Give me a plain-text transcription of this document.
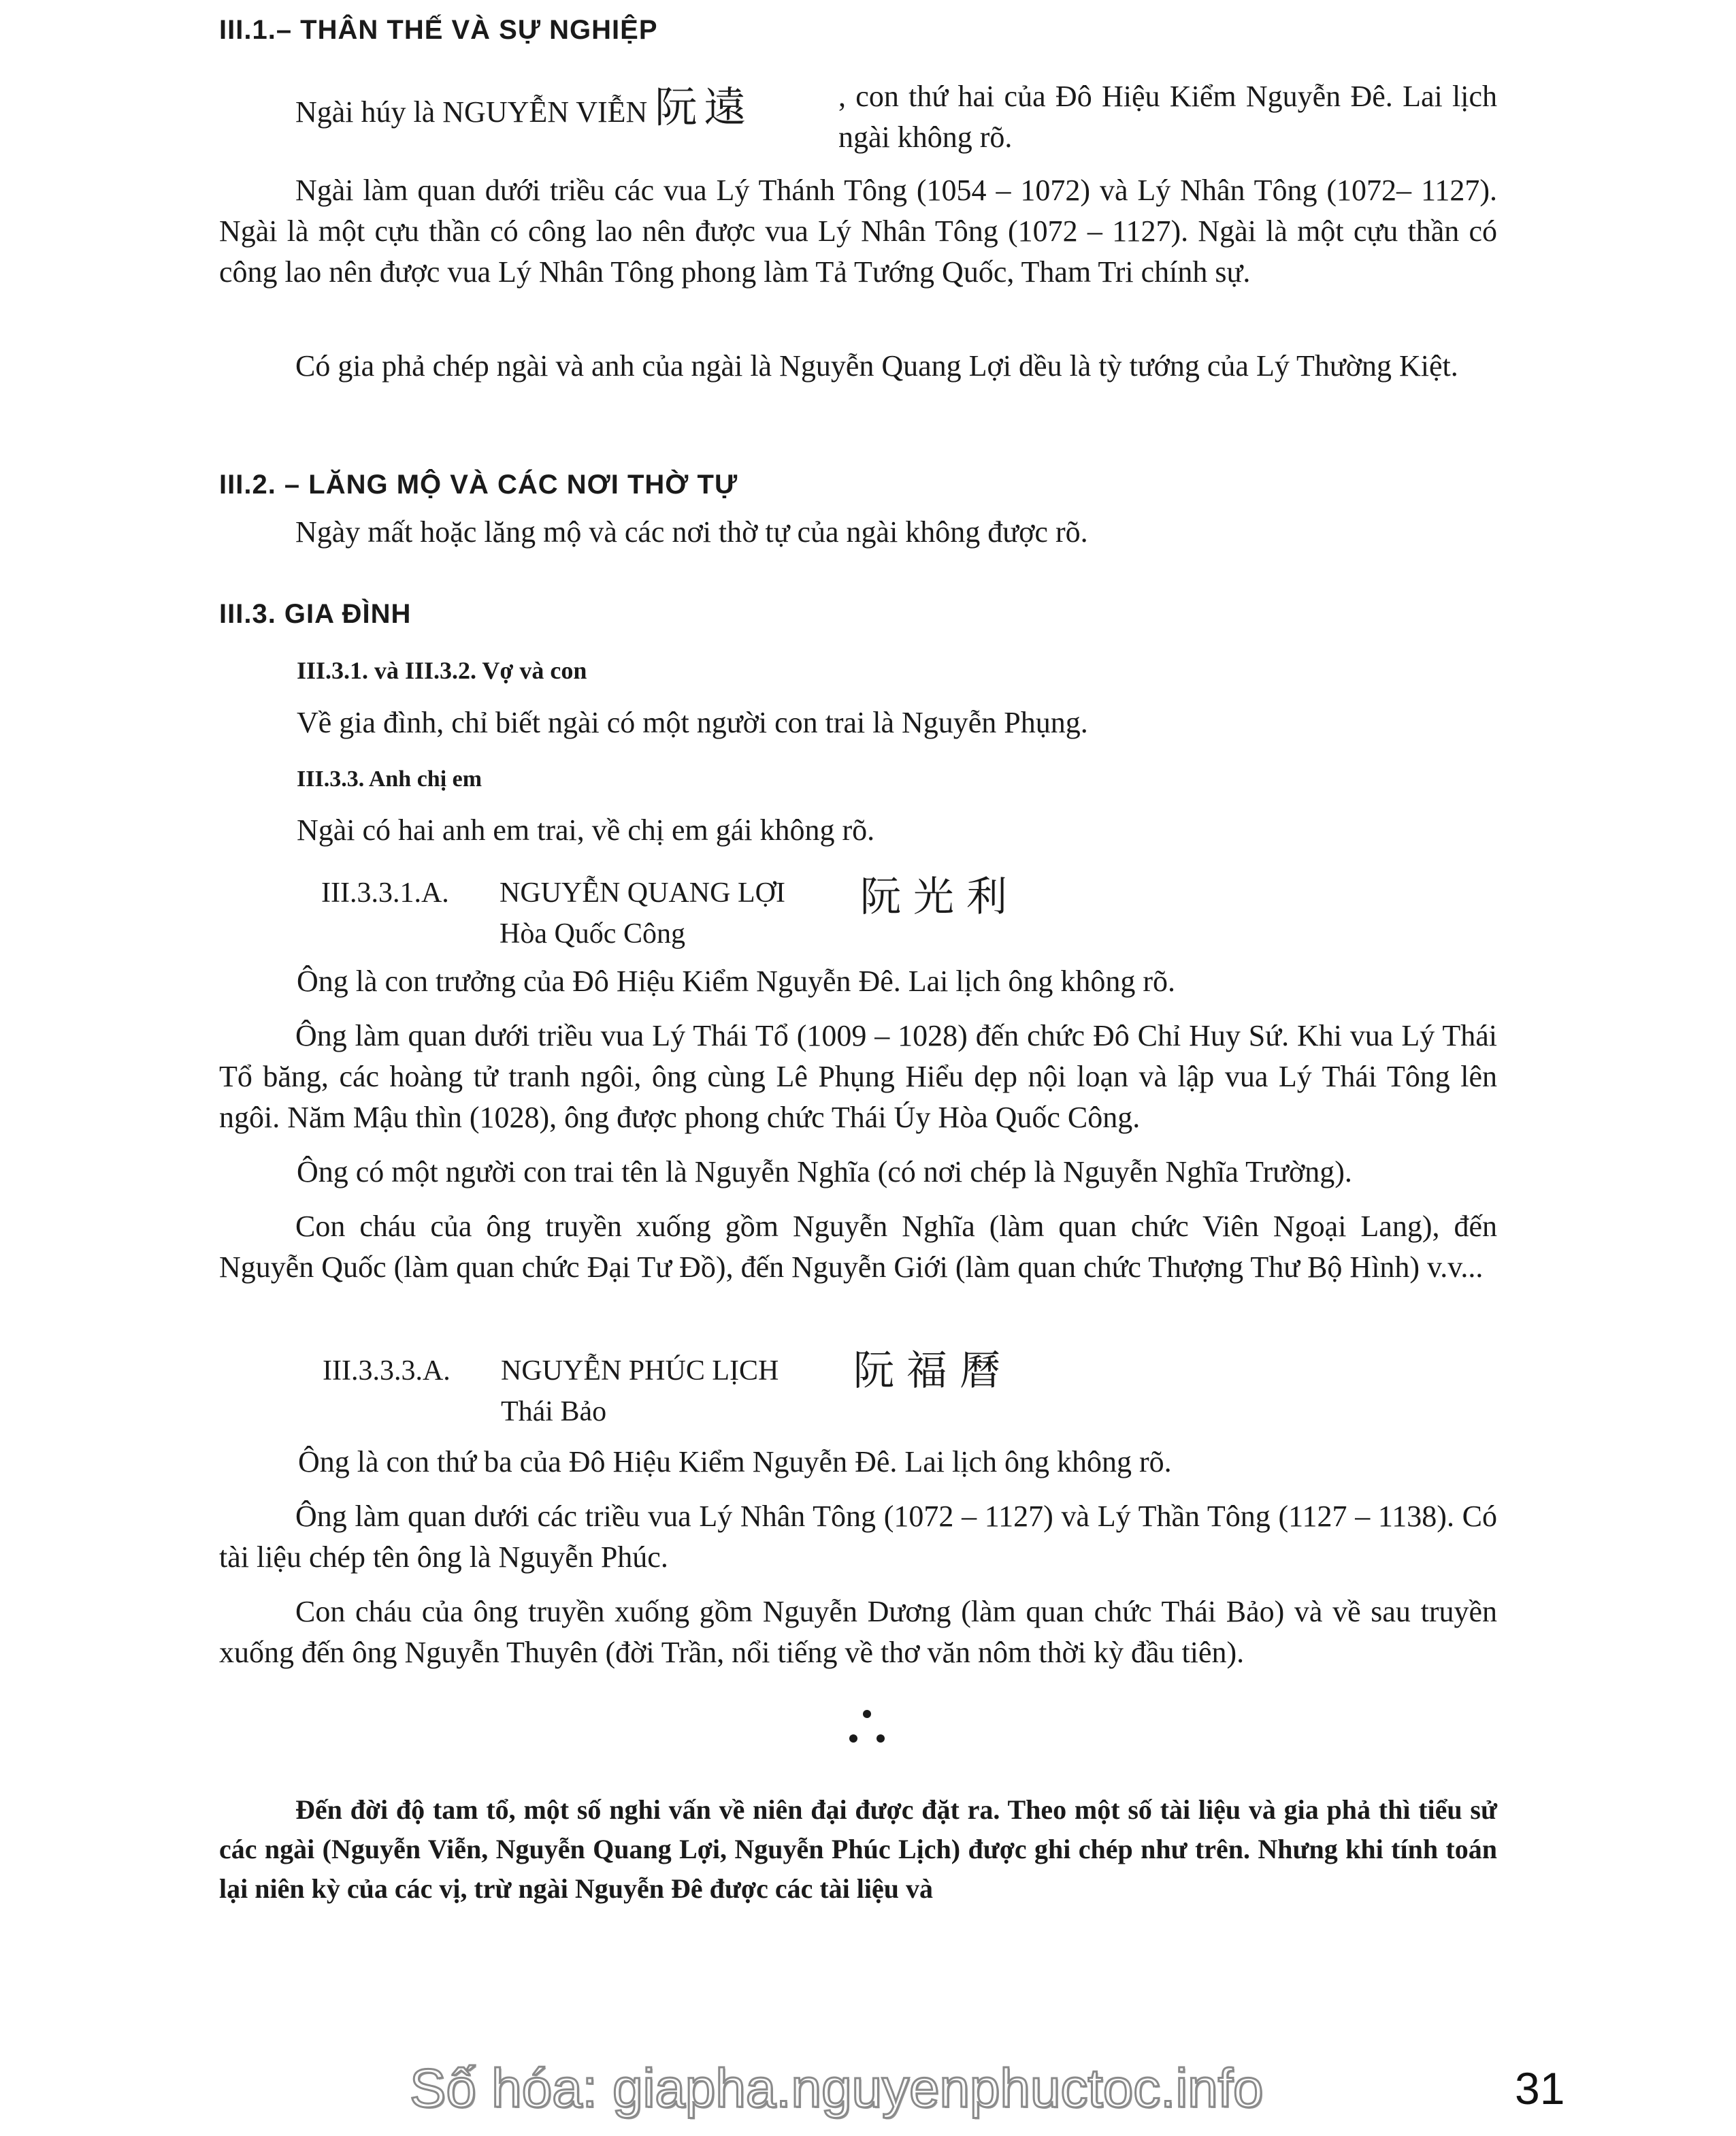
III.1.– THÂN THẾ VÀ SỰ NGHIỆP
Ngài húy là NGUYỄN VIỄN 阮遠	, con thứ hai của Đô Hiệu Kiểm Nguyễn Đê. Lai lịch ngài không rõ.

Ngài làm quan dưới triều các vua Lý Thánh Tông (1054 – 1072) và Lý Nhân Tông (1072– 1127). Ngài là một cựu thần có công lao nên được vua Lý Nhân Tông (1072 – 1127). Ngài là một cựu thần có công lao nên được vua Lý Nhân Tông phong làm Tả Tướng Quốc, Tham Tri chính sự.

Có gia phả chép ngài và anh của ngài là Nguyễn Quang Lợi dều là tỳ tướng của Lý Thường Kiệt.

III.2. – LĂNG MỘ VÀ CÁC NƠI THỜ TỰ

Ngày mất hoặc lăng mộ và các nơi thờ tự của ngài không được rõ.

III.3. GIA ĐÌNH
III.3.1. và III.3.2. Vợ và con

Về gia đình, chỉ biết ngài có một người con trai là Nguyễn Phụng.

III.3.3. Anh chị em

Ngài có hai anh em trai, về chị em gái không rõ.

III.3.3.1.A. NGUYỄN QUANG LỢI 阮光利
Hòa Quốc Công

Ông là con trưởng của Đô Hiệu Kiểm Nguyễn Đê. Lai lịch ông không rõ.

Ông làm quan dưới triều vua Lý Thái Tổ (1009 – 1028) đến chức Đô Chỉ Huy Sứ. Khi vua Lý Thái Tổ băng, các hoàng tử tranh ngôi, ông cùng Lê Phụng Hiểu dẹp nội loạn và lập vua Lý Thái Tông lên ngôi. Năm Mậu thìn (1028), ông được phong chức Thái Úy Hòa Quốc Công.

Ông có một người con trai tên là Nguyễn Nghĩa (có nơi chép là Nguyễn Nghĩa Trường).

Con cháu của ông truyền xuống gồm Nguyễn Nghĩa (làm quan chức Viên Ngoại Lang), đến Nguyễn Quốc (làm quan chức Đại Tư Đồ), đến Nguyễn Giới (làm quan chức Thượng Thư Bộ Hình) v.v...

III.3.3.3.A. NGUYỄN PHÚC LỊCH 阮福曆
Thái Bảo

Ông là con thứ ba của Đô Hiệu Kiểm Nguyễn Đê. Lai lịch ông không rõ.

Ông làm quan dưới các triều vua Lý Nhân Tông (1072 – 1127) và Lý Thần Tông (1127 – 1138). Có tài liệu chép tên ông là Nguyễn Phúc.

Con cháu của ông truyền xuống gồm Nguyễn Dương (làm quan chức Thái Bảo) và về sau truyền xuống đến ông Nguyễn Thuyên (đời Trần, nổi tiếng về thơ văn nôm thời kỳ đầu tiên).

Đến đời độ tam tổ, một số nghi vấn về niên đại được đặt ra. Theo một số tài liệu và gia phả thì tiểu sử các ngài (Nguyễn Viễn, Nguyễn Quang Lợi, Nguyễn Phúc Lịch) được ghi chép như trên. Nhưng khi tính toán lại niên kỳ của các vị, trừ ngài Nguyễn Đê được các tài liệu và

Số hóa: giapha.nguyenphuctoc.info	31
